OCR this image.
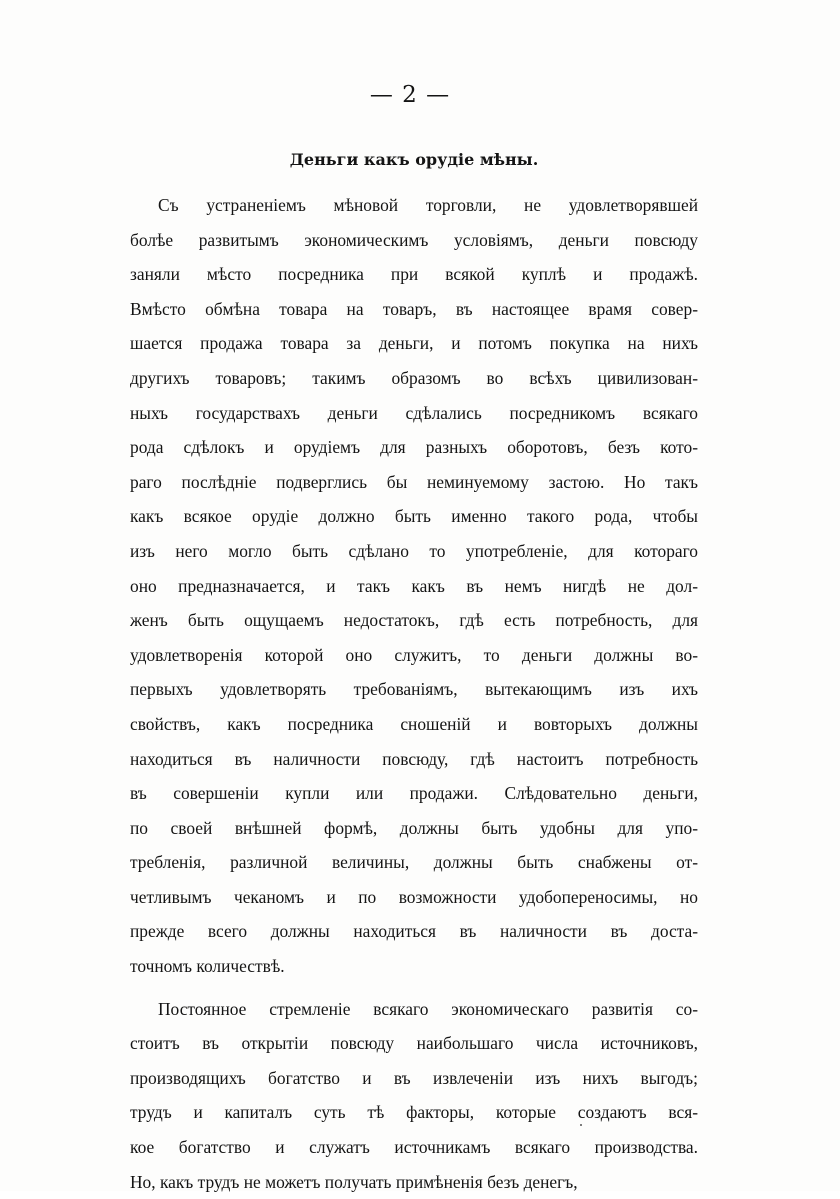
— 2 —
Деньги какъ орудіе мѣны.
Съ устраненіемъ мѣновой торговли, не удовлетворявшей
болѣе развитымъ экономическимъ условіямъ, деньги повсюду
заняли мѣсто посредника при всякой куплѣ и продажѣ.
Вмѣсто обмѣна товара на товаръ, въ настоящее врамя совер-
шается продажа товара за деньги, и потомъ покупка на нихъ
другихъ товаровъ; такимъ образомъ во всѣхъ цивилизован-
ныхъ государствахъ деньги сдѣлались посредникомъ всякаго
рода сдѣлокъ и орудіемъ для разныхъ оборотовъ, безъ кото-
раго послѣдніе подверглись бы неминуемому застою. Но такъ
какъ всякое орудіе должно быть именно такого рода, чтобы
изъ него могло быть сдѣлано то употребленіе, для котораго
оно предназначается, и такъ какъ въ немъ нигдѣ не дол-
женъ быть ощущаемъ недостатокъ, гдѣ есть потребность, для
удовлетворенія которой оно служитъ, то деньги должны во-
первыхъ удовлетворять требованіямъ, вытекающимъ изъ ихъ
свойствъ, какъ посредника сношеній и вовторыхъ должны
находиться въ наличности повсюду, гдѣ настоитъ потребность
въ совершеніи купли или продажи. Слѣдовательно деньги,
по своей внѣшней формѣ, должны быть удобны для упо-
требленія, различной величины, должны быть снабжены от-
четливымъ чеканомъ и по возможности удобопереносимы, но
прежде всего должны находиться въ наличности въ доста-
точномъ количествѣ.
Постоянное стремленіе всякаго экономическаго развитія со-
стоитъ въ открытіи повсюду наибольшаго числа источниковъ,
производящихъ богатство и въ извлеченіи изъ нихъ выгодъ;
трудъ и капиталъ суть тѣ факторы, которые создаютъ вся-
кое богатство и служатъ источникамъ всякаго производства.
Но, какъ трудъ не можетъ получать примѣненія безъ денегъ,
